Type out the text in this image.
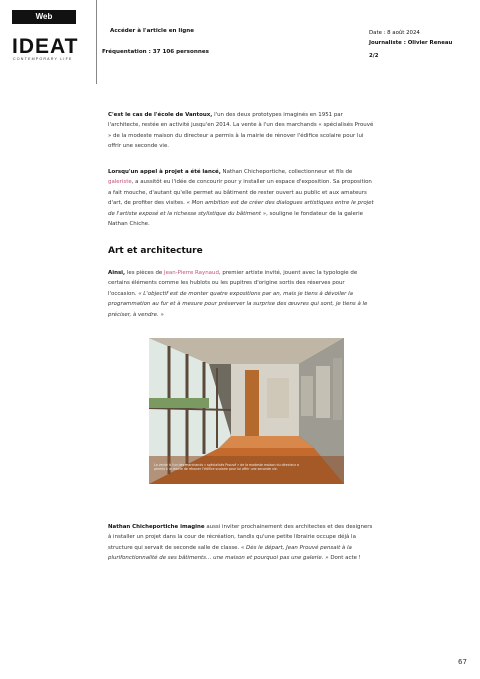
Web
IDEAT
CONTEMPORARY LIFE
Accéder à l'article en ligne
Fréquentation : 37 106 personnes
Date : 8 août 2024
Journaliste : Olivier Reneau
2/2
C'est le cas de l'école de Vantoux, l'un des deux prototypes imaginés en 1951 par l'architecte, restée en activité jusqu'en 2014. La vente à l'un des marchands « spécialisés Prouvé » de la modeste maison du directeur a permis à la mairie de rénover l'édifice scolaire pour lui offrir une seconde vie.
Lorsqu'un appel à projet a été lancé, Nathan Chicheportiche, collectionneur et fils de galeriste, a aussitôt eu l'idée de concourir pour y installer un espace d'exposition. Sa proposition a fait mouche, d'autant qu'elle permet au bâtiment de rester ouvert au public et aux amateurs d'art, de profiter des visites. « Mon ambition est de créer des dialogues artistiques entre le projet de l'artiste exposé et la richesse stylistique du bâtiment », souligne le fondateur de la galerie Nathan Chiche.
Art et architecture
Ainsi, les pièces de Jean-Pierre Raynaud, premier artiste invité, jouent avec la typologie de certains éléments comme les hublots ou les pupitres d'origine sortis des réserves pour l'occasion. « L'objectif est de monter quatre expositions par an, mais je tiens à dévoiler la programmation au fur et à mesure pour préserver la surprise des œuvres qui sont, je tiens à le préciser, à vendre. »
La vente à l'un des marchands « spécialisés Prouvé » de la modeste maison du directeur a permis à la mairie de rénover l'édifice scolaire pour lui offrir une seconde vie.
Nathan Chicheportiche imagine aussi inviter prochainement des architectes et des designers à installer un projet dans la cour de récréation, tandis qu'une petite librairie occupe déjà la structure qui servait de seconde salle de classe. « Dès le départ, Jean Prouvé pensait à la plurifonctionnalité de ses bâtiments… une maison et pourquoi pas une galerie. » Dont acte !
67
